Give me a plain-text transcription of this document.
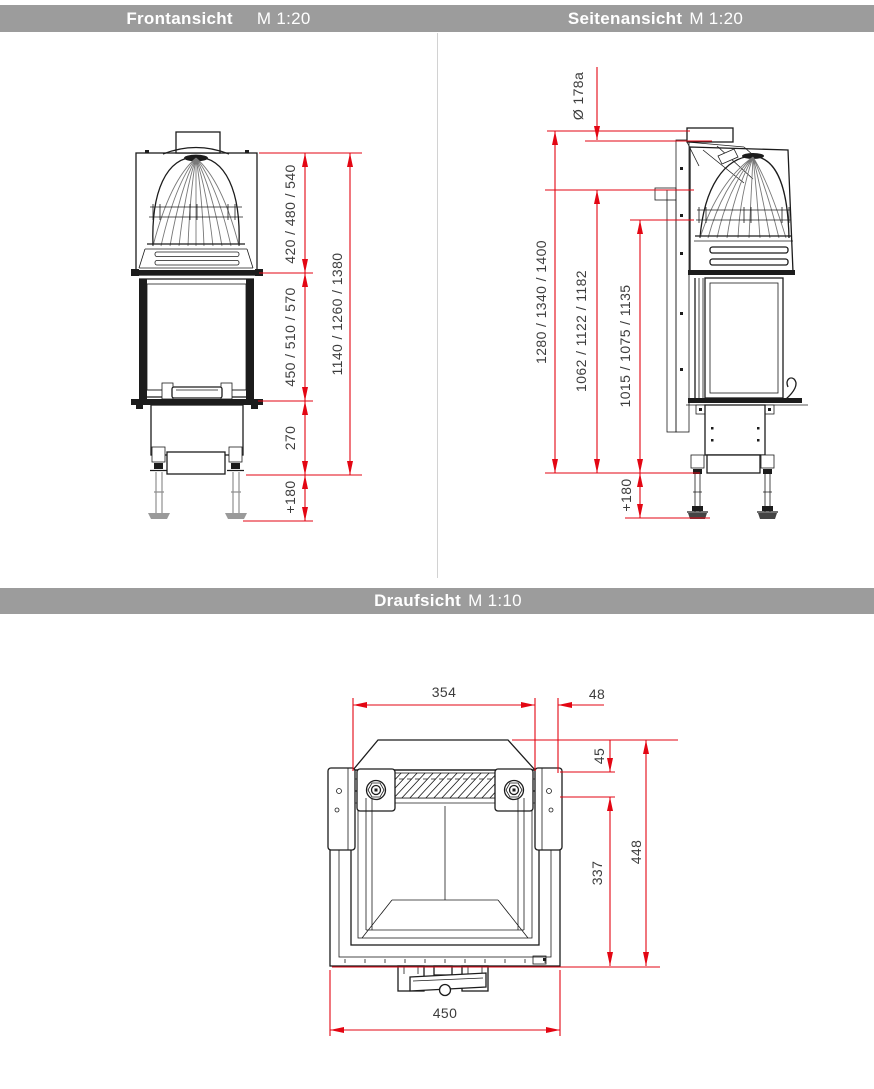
Frontansicht M 1:20	Seitenansicht M 1:20
Draufsicht M 1:10
420 / 480 / 540
450 / 510 / 570
270
+180
1140 / 1260 / 1380
Ø 178a
1280 / 1340 / 1400 1062 / 1122 / 1182 1015 / 1075 / 1135
+180
354	48
45
337
448
450
